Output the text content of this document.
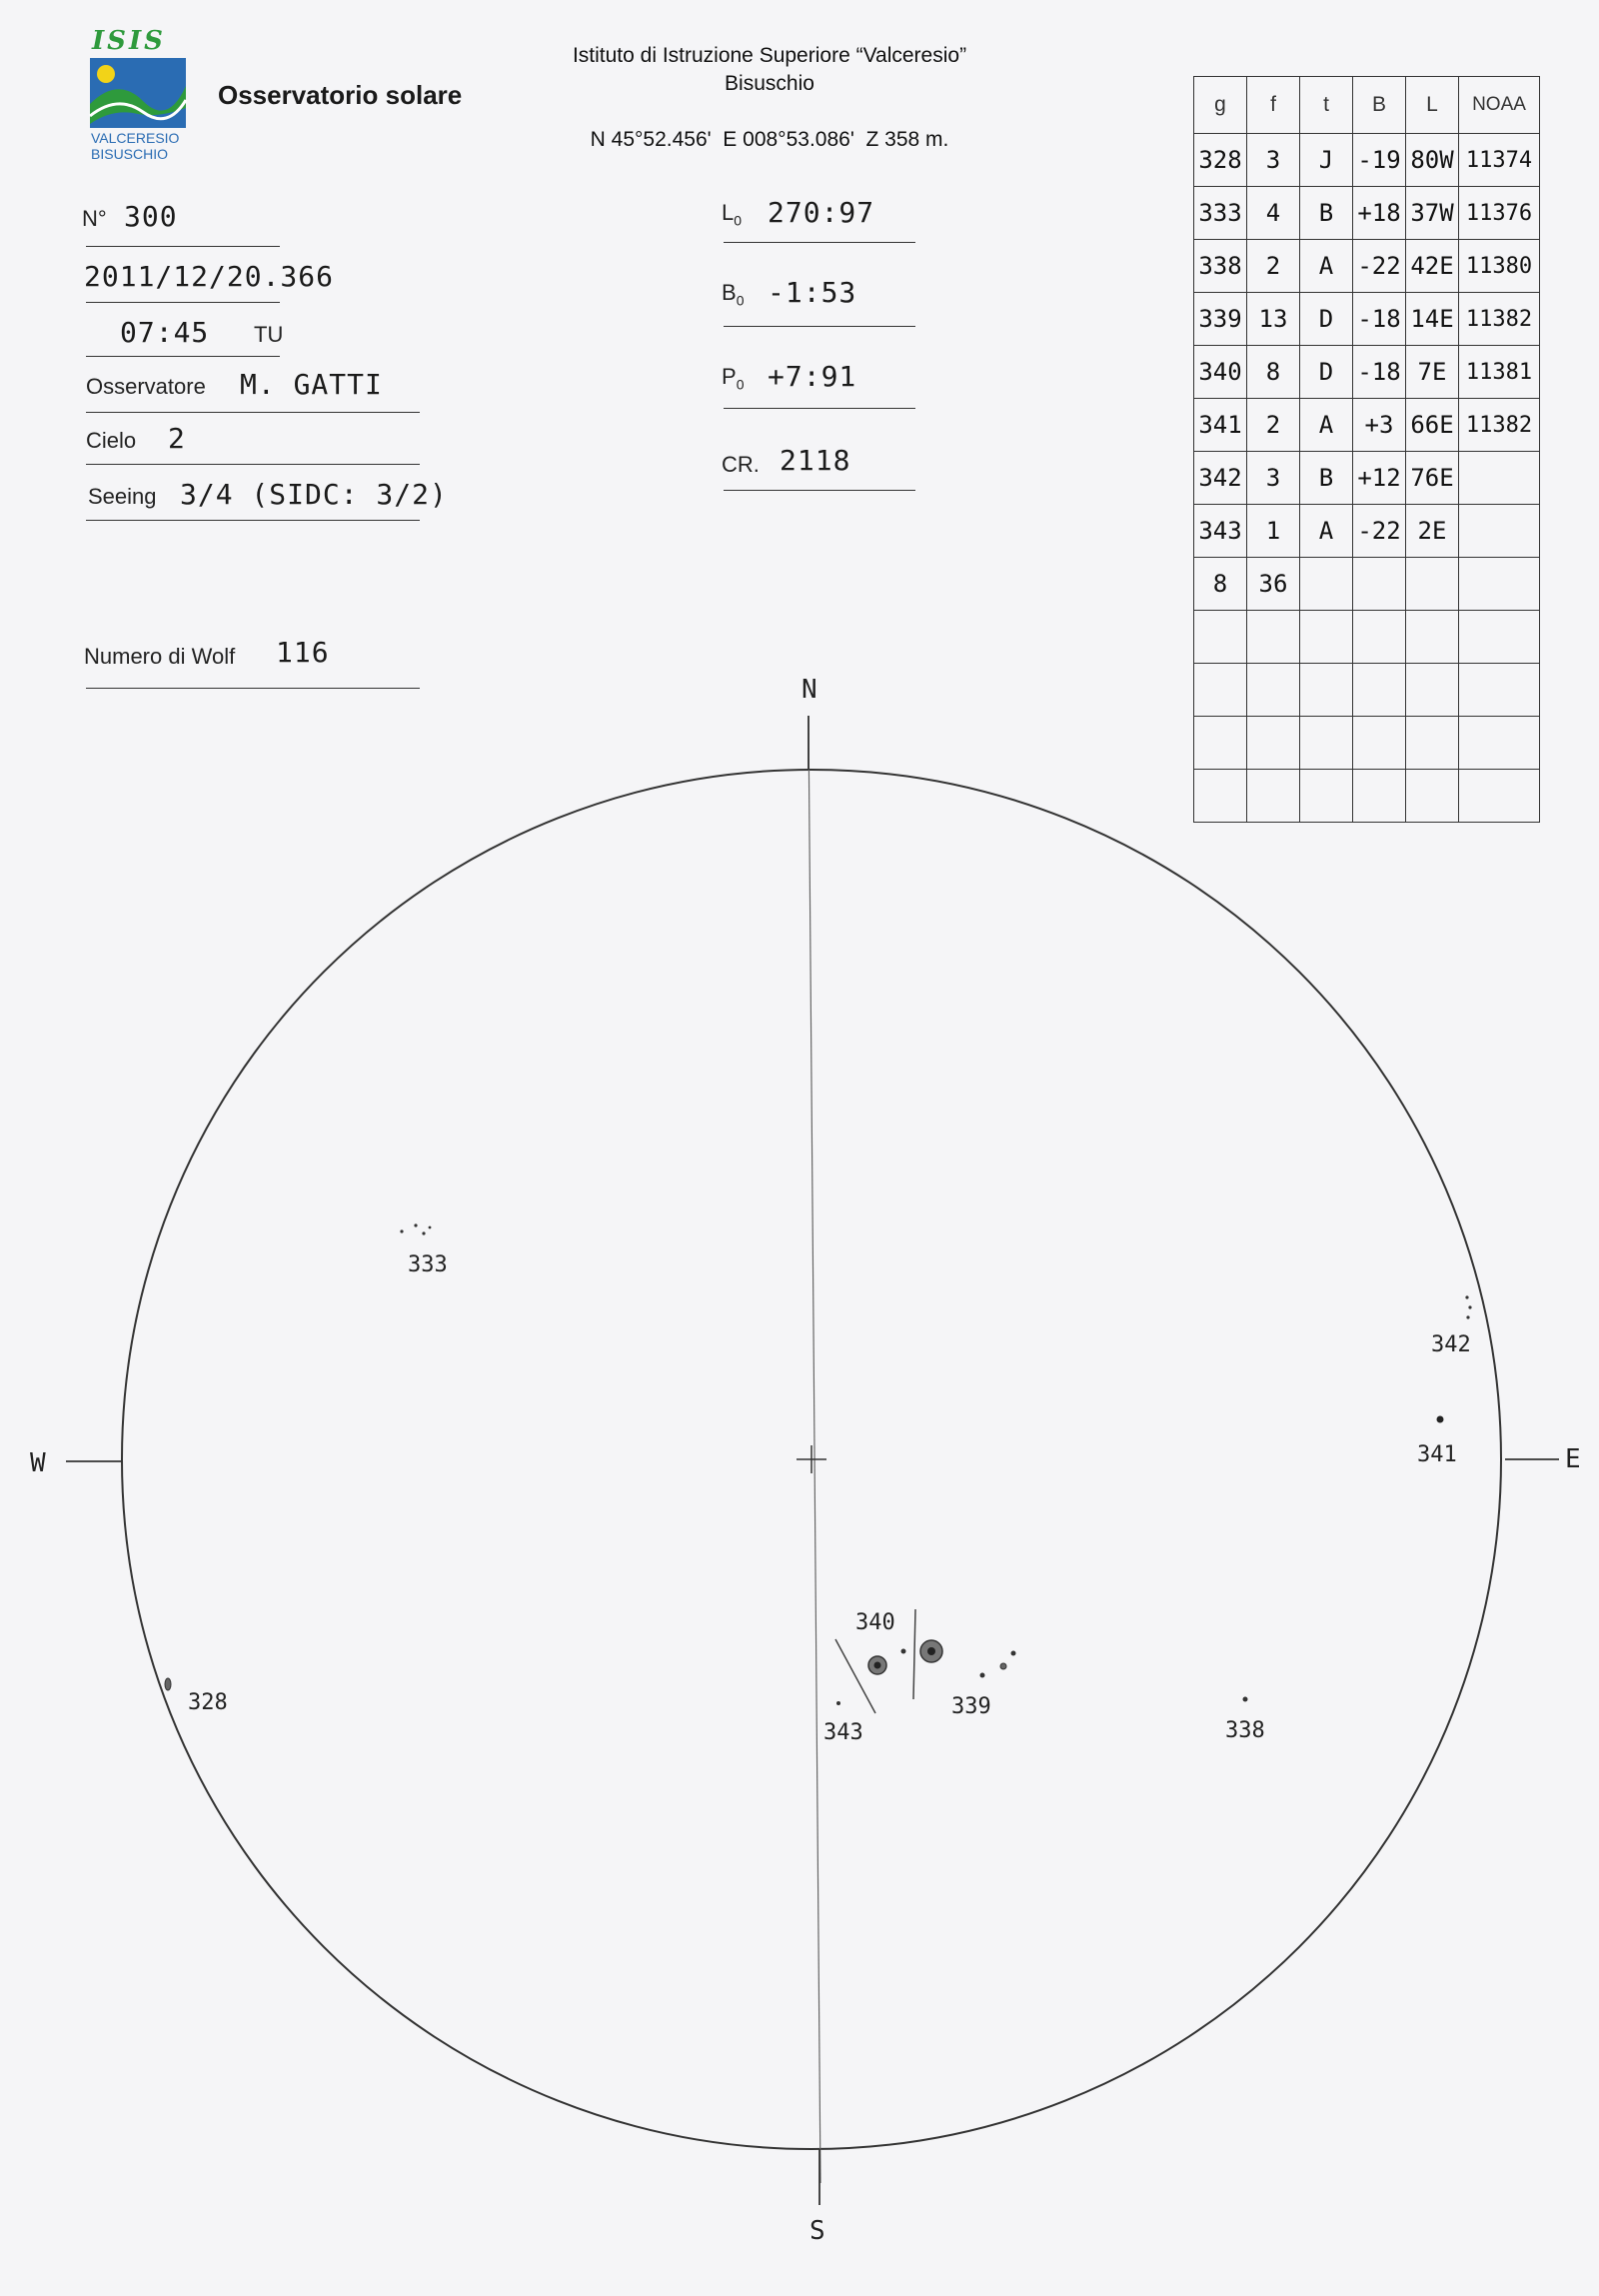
ISIS
VALCERESIO
BISUSCHIO
Osservatorio solare
Istituto di Istruzione Superiore “Valceresio”
Bisuschio
N 45°52.456'  E 008°53.086'  Z 358 m.
N° 300
2011/12/20.366
07:45 TU
Osservatore M. GATTI
Cielo 2
Seeing 3/4 (SIDC: 3/2)
Numero di Wolf 116
$L_0$ 270:97
$B_0$ -1:53
$P_0$ +7:91
CR. 2118
g	f	t	B	L	NOAA
328	3	J	-19	80W	11374
333	4	B	+18	37W	11376
338	2	A	-22	42E	11380
339	13	D	-18	14E	11382
340	8	D	-18	7E	11381
341	2	A	+3	66E	11382
342	3	B	+12	76E	
343	1	A	-22	2E	
8	36				

N
S
W	E
333
342
341
328
340
339
343	338
